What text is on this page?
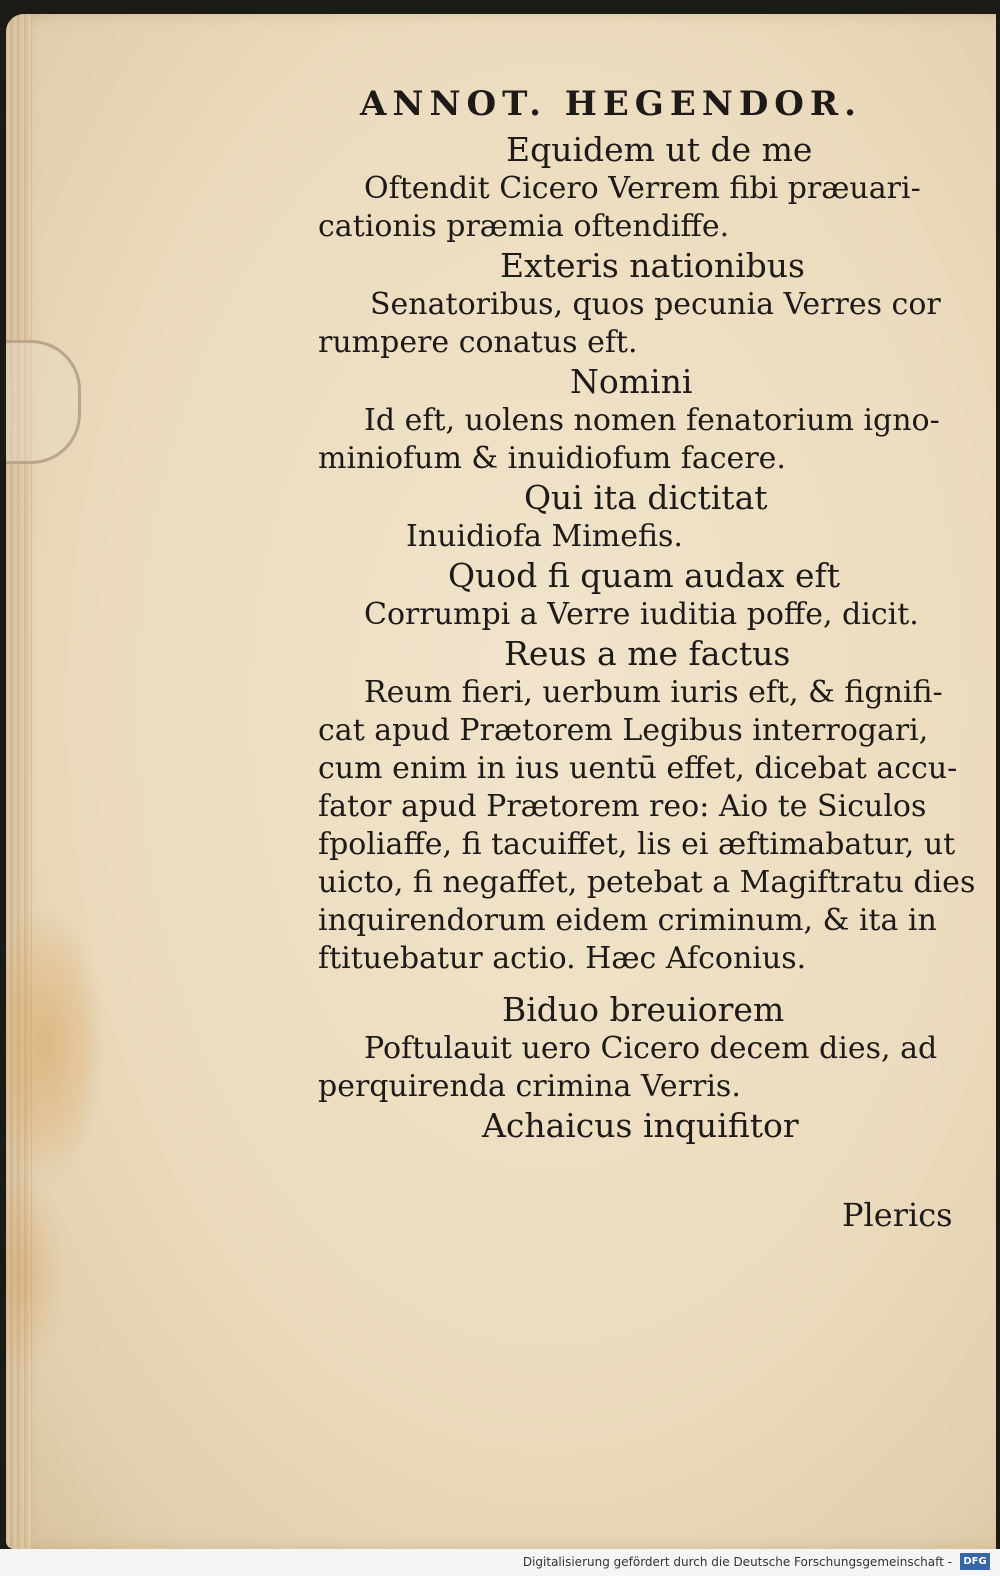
ANNOT. HEGENDOR.
Equidem ut de me
Oftendit Cicero Verrem fibi præuari-
cationis præmia oftendiffe.
Exteris nationibus
Senatoribus, quos pecunia Verres cor
rumpere conatus eft.
Nomini
Id eft, uolens nomen fenatorium igno-
miniofum & inuidiofum facere.
Qui ita dictitat
Inuidiofa Mimefis.
Quod fi quam audax eft
Corrumpi a Verre iuditia poffe, dicit.
Reus a me factus
Reum fieri, uerbum iuris eft, & fignifi-
cat apud Prætorem Legibus interrogari,
cum enim in ius uentū effet, dicebat accu-
fator apud Prætorem reo: Aio te Siculos
fpoliaffe, fi tacuiffet, lis ei æftimabatur, ut
uicto, fi negaffet, petebat a Magiftratu dies
inquirendorum eidem criminum, & ita in
ftituebatur actio. Hæc Afconius.
Biduo breuiorem
Poftulauit uero Cicero decem dies, ad
perquirenda crimina Verris.
Achaicus inquifitor
Plerics
Digitalisierung gefördert durch die Deutsche Forschungsgemeinschaft -	DFG
